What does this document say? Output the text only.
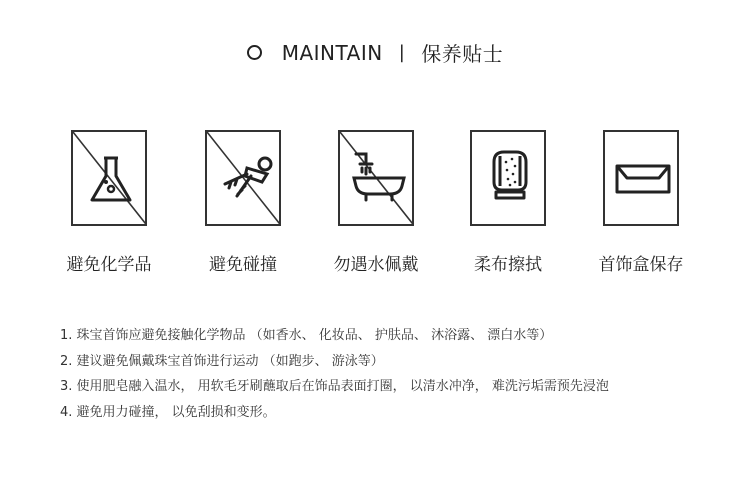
MAINTAIN | 保养贴士
避免化学品	避免碰撞	勿遇水佩戴	柔布擦拭	首饰盒保存
1. 珠宝首饰应避免接触化学物品 （如香水、 化妆品、 护肤品、 沐浴露、 漂白水等）
2. 建议避免佩戴珠宝首饰进行运动 （如跑步、 游泳等）
3. 使用肥皂融入温水， 用软毛牙刷蘸取后在饰品表面打圈， 以清水冲净， 难洗污垢需预先浸泡
4. 避免用力碰撞， 以免刮损和变形。
